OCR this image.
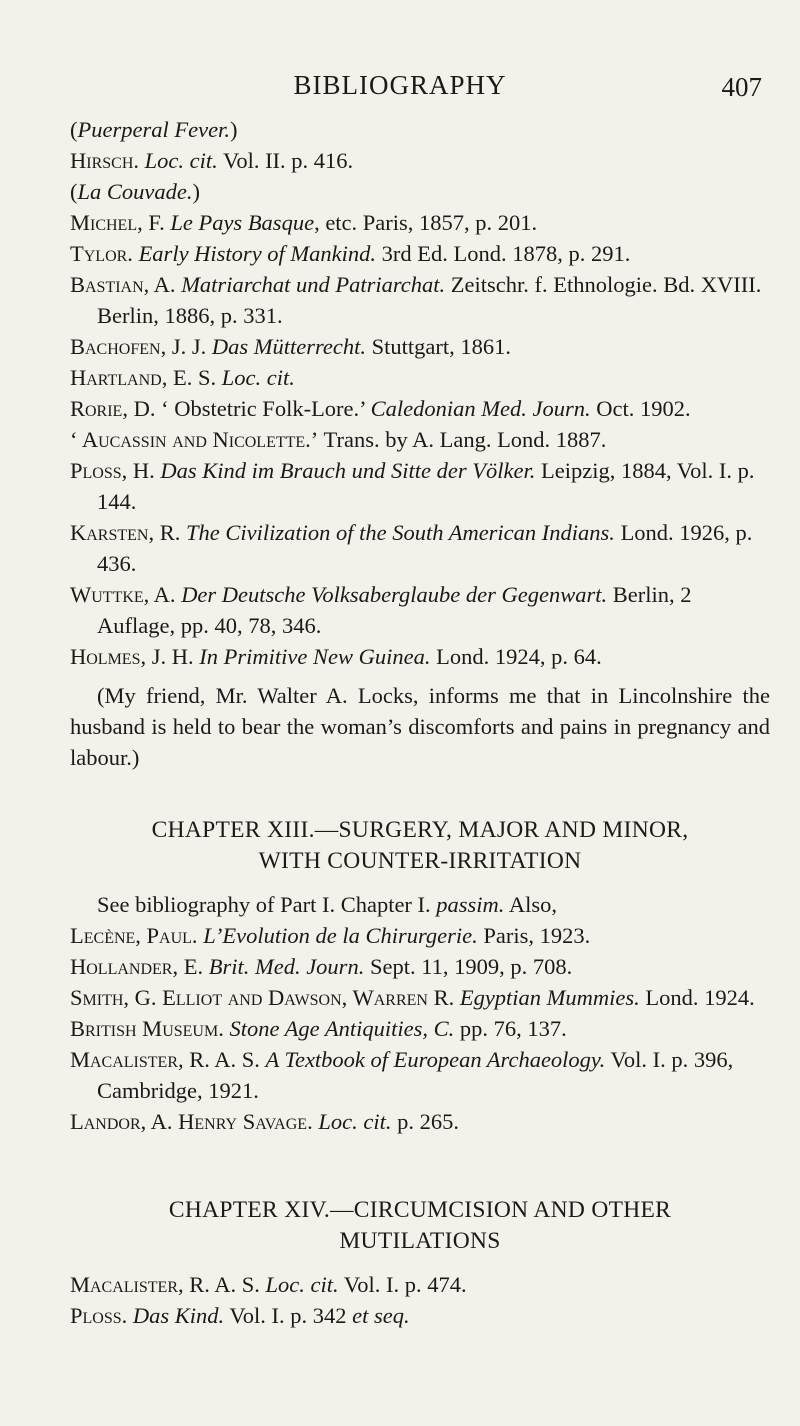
BIBLIOGRAPHY	407

(Puerperal Fever.)

Hirsch. Loc. cit. Vol. II. p. 416.

(La Couvade.)

Michel, F. Le Pays Basque, etc. Paris, 1857, p. 201.

Tylor. Early History of Mankind. 3rd Ed. Lond. 1878, p. 291.

Bastian, A. Matriarchat und Patriarchat. Zeitschr. f. Ethnologie. Bd. XVIII. Berlin, 1886, p. 331.

Bachofen, J. J. Das Mütterrecht. Stuttgart, 1861.

Hartland, E. S. Loc. cit.

Rorie, D. ‘ Obstetric Folk-Lore.’ Caledonian Med. Journ. Oct. 1902.

‘ Aucassin and Nicolette.’ Trans. by A. Lang. Lond. 1887.

Ploss, H. Das Kind im Brauch und Sitte der Völker. Leipzig, 1884, Vol. I. p. 144.

Karsten, R. The Civilization of the South American Indians. Lond. 1926, p. 436.

Wuttke, A. Der Deutsche Volksaberglaube der Gegenwart. Berlin, 2 Auflage, pp. 40, 78, 346.

Holmes, J. H. In Primitive New Guinea. Lond. 1924, p. 64.

(My friend, Mr. Walter A. Locks, informs me that in Lincolnshire the husband is held to bear the woman’s discomforts and pains in pregnancy and labour.)

CHAPTER XIII.—SURGERY, MAJOR AND MINOR,
WITH COUNTER-IRRITATION

See bibliography of Part I. Chapter I. passim. Also,

Lecène, Paul. L’Evolution de la Chirurgerie. Paris, 1923.

Hollander, E. Brit. Med. Journ. Sept. 11, 1909, p. 708.

Smith, G. Elliot and Dawson, Warren R. Egyptian Mummies. Lond. 1924.

British Museum. Stone Age Antiquities, C. pp. 76, 137.

Macalister, R. A. S. A Textbook of European Archaeology. Vol. I. p. 396, Cambridge, 1921.

Landor, A. Henry Savage. Loc. cit. p. 265.

CHAPTER XIV.—CIRCUMCISION AND OTHER
MUTILATIONS

Macalister, R. A. S. Loc. cit. Vol. I. p. 474.

Ploss. Das Kind. Vol. I. p. 342 et seq.
